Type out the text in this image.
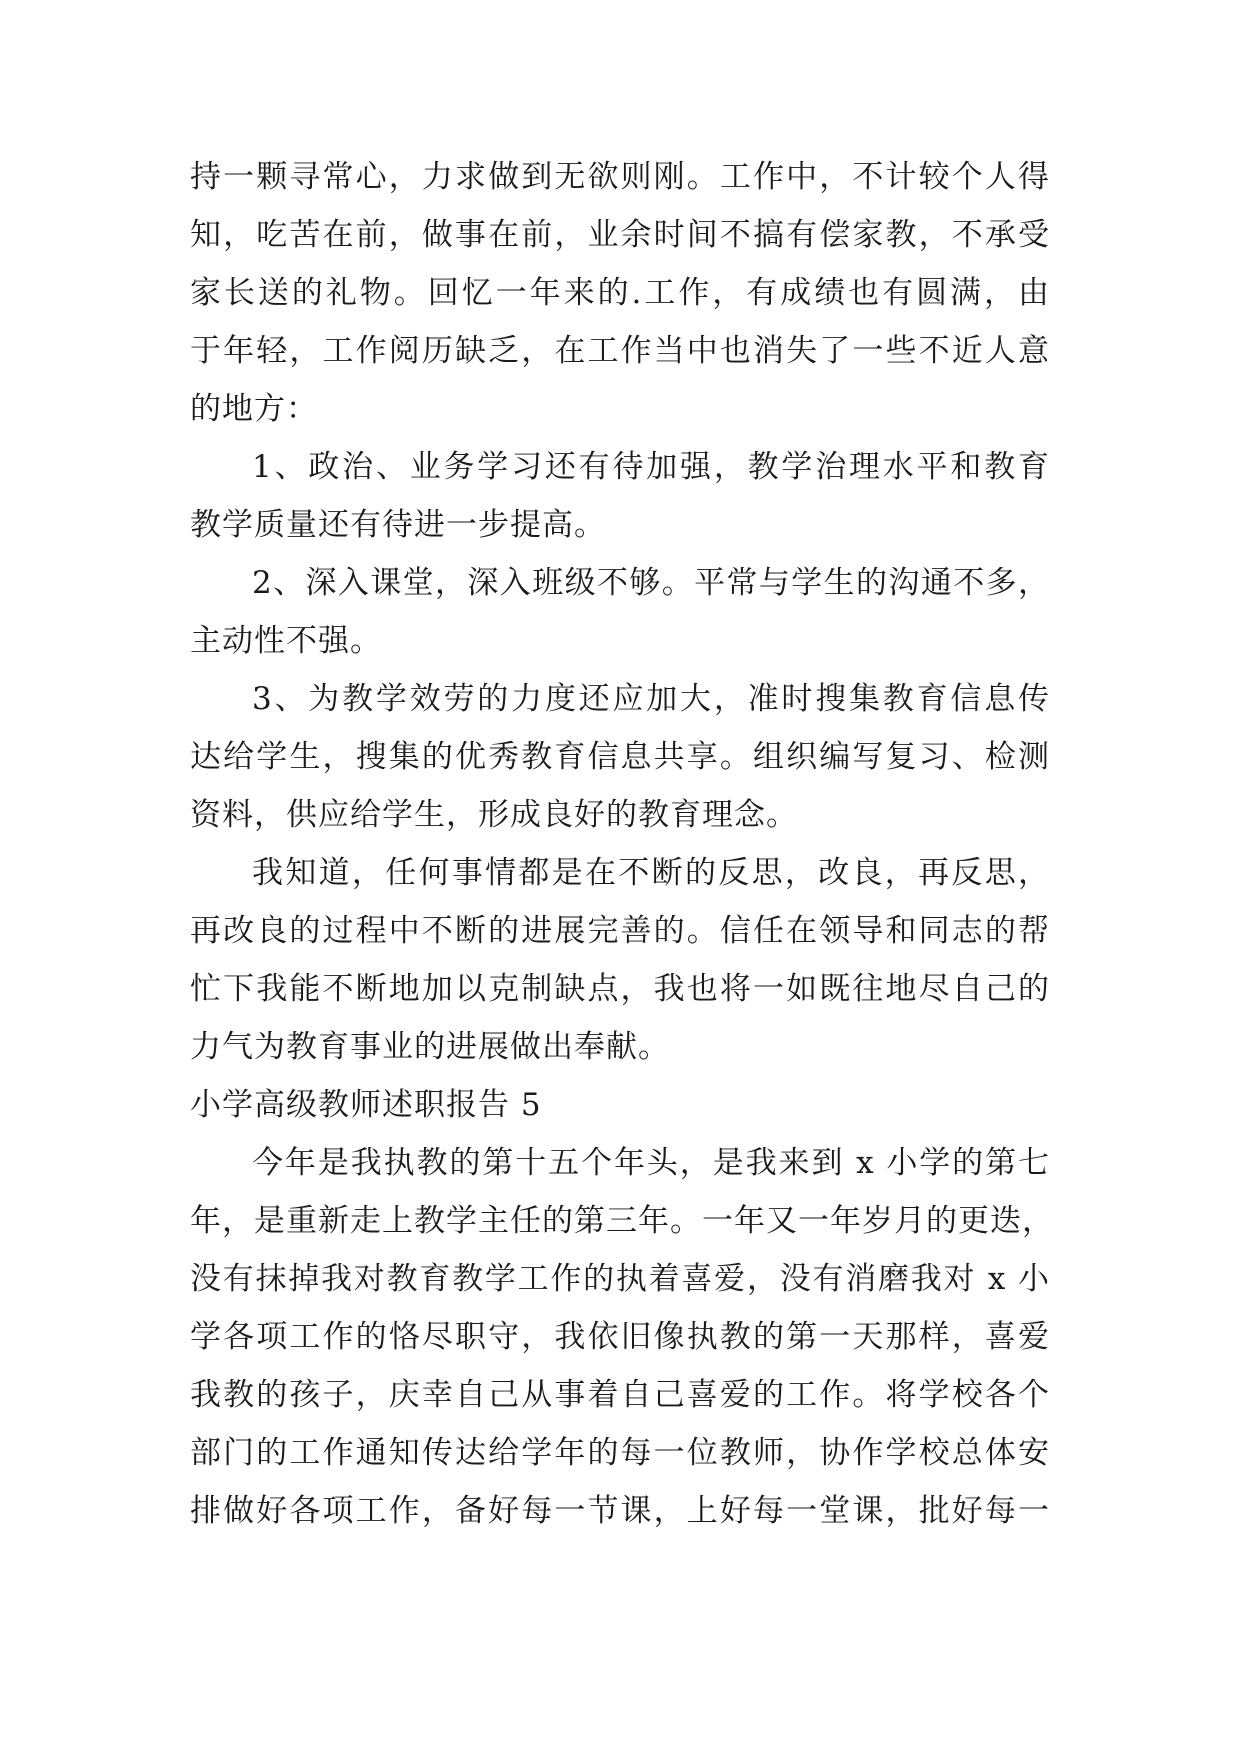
持一颗寻常心，力求做到无欲则刚。工作中，不计较个人得
知，吃苦在前，做事在前，业余时间不搞有偿家教，不承受
家长送的礼物。回忆一年来的.工作，有成绩也有圆满，由
于年轻，工作阅历缺乏，在工作当中也消失了一些不近人意
的地方：
1、政治、业务学习还有待加强，教学治理水平和教育
教学质量还有待进一步提高。
2、深入课堂，深入班级不够。平常与学生的沟通不多，
主动性不强。
3、为教学效劳的力度还应加大，准时搜集教育信息传
达给学生，搜集的优秀教育信息共享。组织编写复习、检测
资料，供应给学生，形成良好的教育理念。
我知道，任何事情都是在不断的反思，改良，再反思，
再改良的过程中不断的进展完善的。信任在领导和同志的帮
忙下我能不断地加以克制缺点，我也将一如既往地尽自己的
力气为教育事业的进展做出奉献。
小学高级教师述职报告 5
今年是我执教的第十五个年头，是我来到 x 小学的第七
年，是重新走上教学主任的第三年。一年又一年岁月的更迭，
没有抹掉我对教育教学工作的执着喜爱，没有消磨我对 x 小
学各项工作的恪尽职守，我依旧像执教的第一天那样，喜爱
我教的孩子，庆幸自己从事着自己喜爱的工作。将学校各个
部门的工作通知传达给学年的每一位教师，协作学校总体安
排做好各项工作，备好每一节课，上好每一堂课，批好每一
